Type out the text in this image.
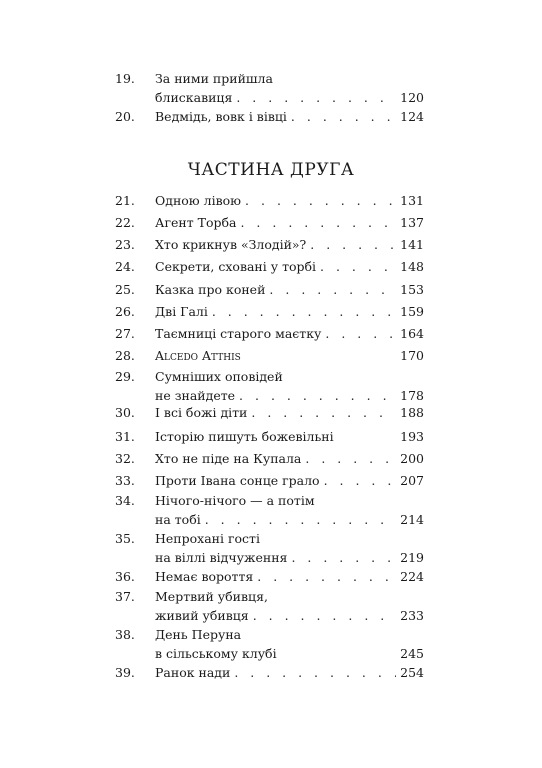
19.	За ними прийшла
блискавиця . . .	120
20.	Ведмідь, вовк і вівці . . .	124
ЧАСТИНА ДРУГА
21.	Одною лівою . . .	131
22.	Агент Торба . . .	137
23.	Хто крикнув «Злодій»? . . .	141
24.	Секрети, сховані у торбі . . .	148
25.	Казка про коней . . .	153
26.	Дві Галі . . .	159
27.	Таємниці старого маєтку . . .	164
28.	Alcedo Atthis	170
29.	Сумніших оповідей
не знайдете . . .	178
30.	І всі божі діти . . .	188
31.	Історію пишуть божевільні	193
32.	Хто не піде на Купала . . .	200
33.	Проти Івана сонце грало . . .	207
34.	Нічого-нічого — а потім
на тобі . . .	214
35.	Непрохані гості
на віллі відчуження . . .	219
36.	Немає вороття . . .	224
37.	Мертвий убивця,
живий убивця . . .	233
38.	День Перуна
в сільському клубі	245
39.	Ранок нади . . .	254
